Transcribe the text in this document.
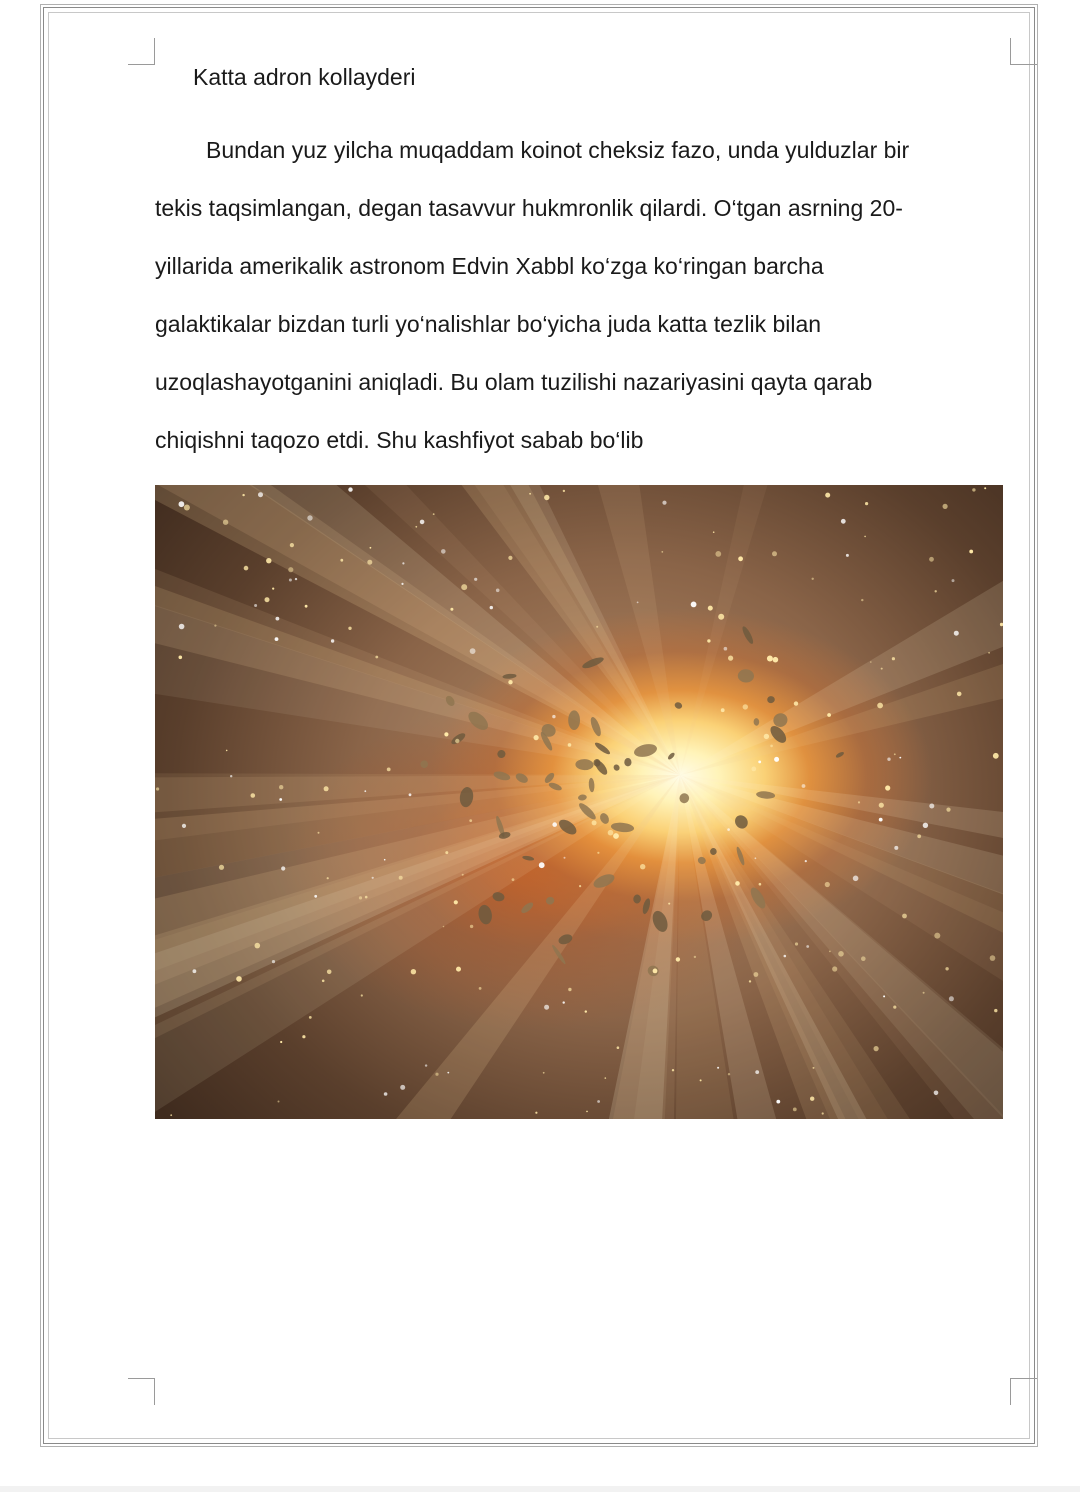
Katta adron kollayderi
Bundan yuz yilcha muqaddam koinot cheksiz fazo, unda yulduzlar bir
tekis taqsimlangan, degan tasavvur hukmronlik qilardi. O‘tgan asrning 20-
yillarida amerikalik astronom Edvin Xabbl ko‘zga ko‘ringan barcha
galaktikalar bizdan turli yo‘nalishlar bo‘yicha juda katta tezlik bilan
uzoqlashayotganini aniqladi. Bu olam tuzilishi nazariyasini qayta qarab
chiqishni taqozo etdi. Shu kashfiyot sabab bo‘lib
